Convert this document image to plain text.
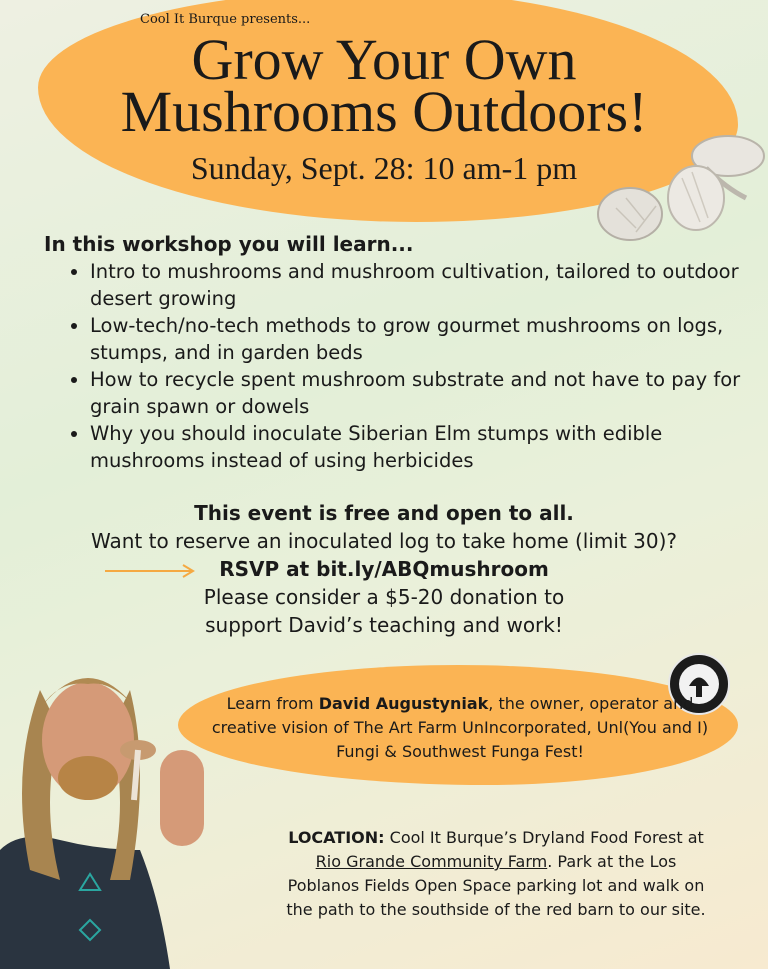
Cool It Burque presents...
Grow Your Own
Mushrooms Outdoors!
Sunday, Sept. 28: 10 am-1 pm
In this workshop you will learn...
• Intro to mushrooms and mushroom cultivation, tailored to outdoor desert growing
• Low-tech/no-tech methods to grow gourmet mushrooms on logs, stumps, and in garden beds
• How to recycle spent mushroom substrate and not have to pay for grain spawn or dowels
• Why you should inoculate Siberian Elm stumps with edible mushrooms instead of using herbicides
This event is free and open to all.
Want to reserve an inoculated log to take home (limit 30)?
RSVP at bit.ly/ABQmushroom
Please consider a $5-20 donation to support David’s teaching and work!
Learn from David Augustyniak, the owner, operator and creative vision of The Art Farm UnIncorporated, Unl(You and I) Fungi & Southwest Funga Fest!
LOCATION: Cool It Burque’s Dryland Food Forest at Rio Grande Community Farm. Park at the Los Poblanos Fields Open Space parking lot and walk on the path to the southside of the red barn to our site.
